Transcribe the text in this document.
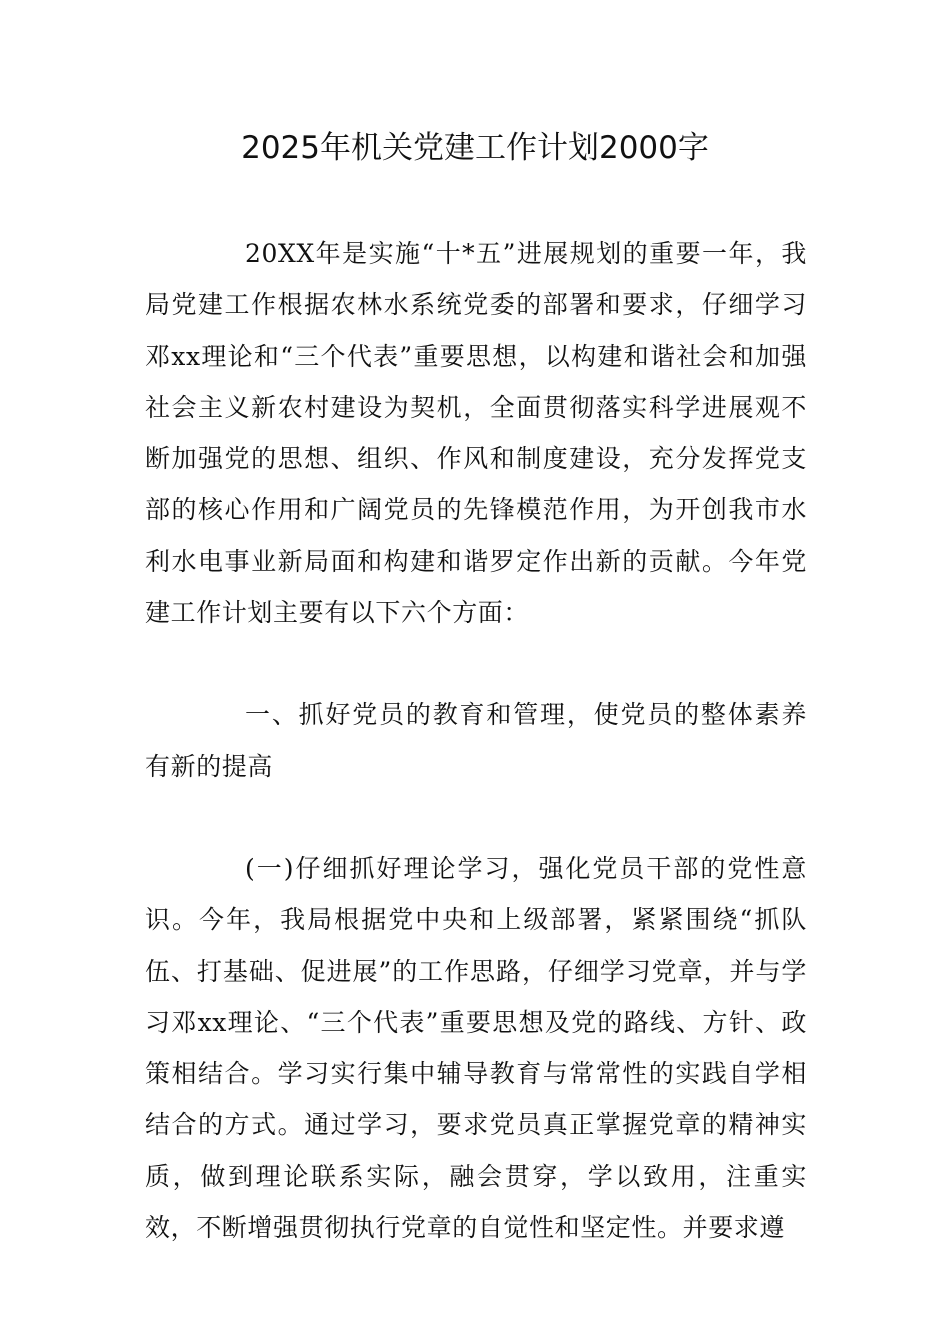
2025年机关党建工作计划2000字

20XX年是实施“十*五”进展规划的重要一年，我局党建工作根据农林水系统党委的部署和要求，仔细学习邓xx理论和“三个代表”重要思想，以构建和谐社会和加强社会主义新农村建设为契机，全面贯彻落实科学进展观不断加强党的思想、组织、作风和制度建设，充分发挥党支部的核心作用和广阔党员的先锋模范作用，为开创我市水利水电事业新局面和构建和谐罗定作出新的贡献。今年党建工作计划主要有以下六个方面：

一、抓好党员的教育和管理，使党员的整体素养有新的提高

(一)仔细抓好理论学习，强化党员干部的党性意识。今年，我局根据党中央和上级部署，紧紧围绕“抓队伍、打基础、促进展”的工作思路，仔细学习党章，并与学习邓xx理论、“三个代表”重要思想及党的路线、方针、政策相结合。学习实行集中辅导教育与常常性的实践自学相结合的方式。通过学习，要求党员真正掌握党章的精神实质，做到理论联系实际，融会贯穿，学以致用，注重实效，不断增强贯彻执行党章的自觉性和坚定性。并要求遵
